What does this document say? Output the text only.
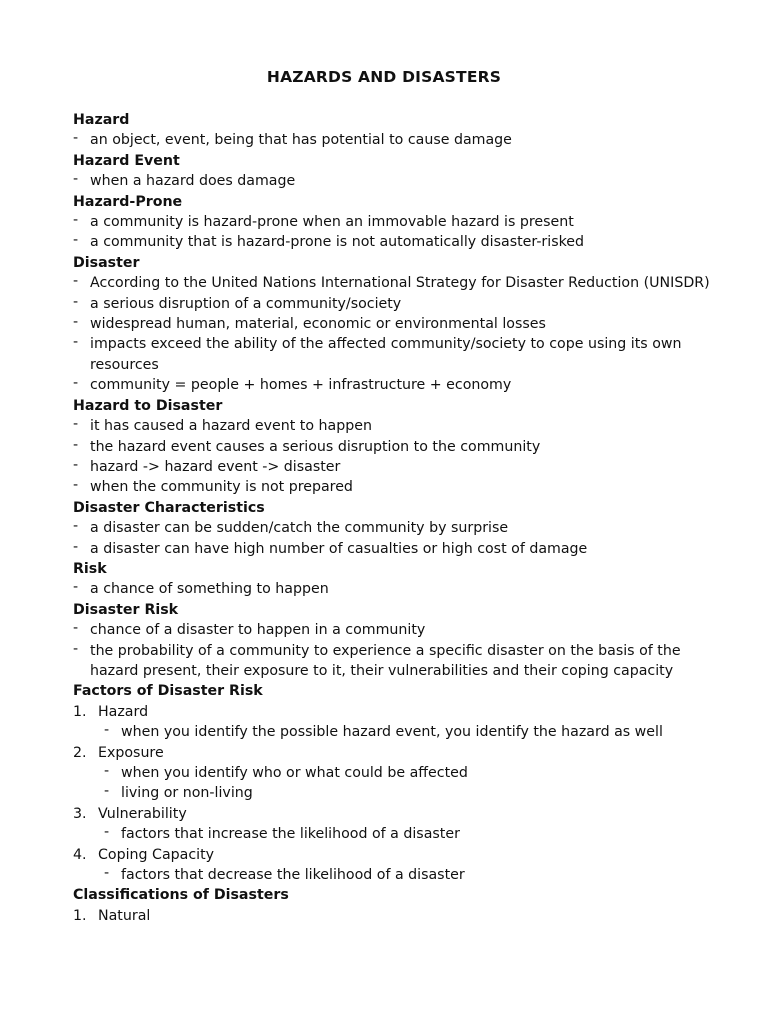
HAZARDS AND DISASTERS
Hazard
- an object, event, being that has potential to cause damage
Hazard Event
- when a hazard does damage
Hazard-Prone
- a community is hazard-prone when an immovable hazard is present
- a community that is hazard-prone is not automatically disaster-risked
Disaster
- According to the United Nations International Strategy for Disaster Reduction (UNISDR)
- a serious disruption of a community/society
- widespread human, material, economic or environmental losses
- impacts exceed the ability of the affected community/society to cope using its own resources
- community = people + homes + infrastructure + economy
Hazard to Disaster
- it has caused a hazard event to happen
- the hazard event causes a serious disruption to the community
- hazard -> hazard event -> disaster
- when the community is not prepared
Disaster Characteristics
- a disaster can be sudden/catch the community by surprise
- a disaster can have high number of casualties or high cost of damage
Risk
- a chance of something to happen
Disaster Risk
- chance of a disaster to happen in a community
- the probability of a community to experience a specific disaster on the basis of the hazard present, their exposure to it, their vulnerabilities and their coping capacity
Factors of Disaster Risk
1. Hazard
- when you identify the possible hazard event, you identify the hazard as well
2. Exposure
- when you identify who or what could be affected
- living or non-living
3. Vulnerability
- factors that increase the likelihood of a disaster
4. Coping Capacity
- factors that decrease the likelihood of a disaster
Classifications of Disasters
1. Natural
